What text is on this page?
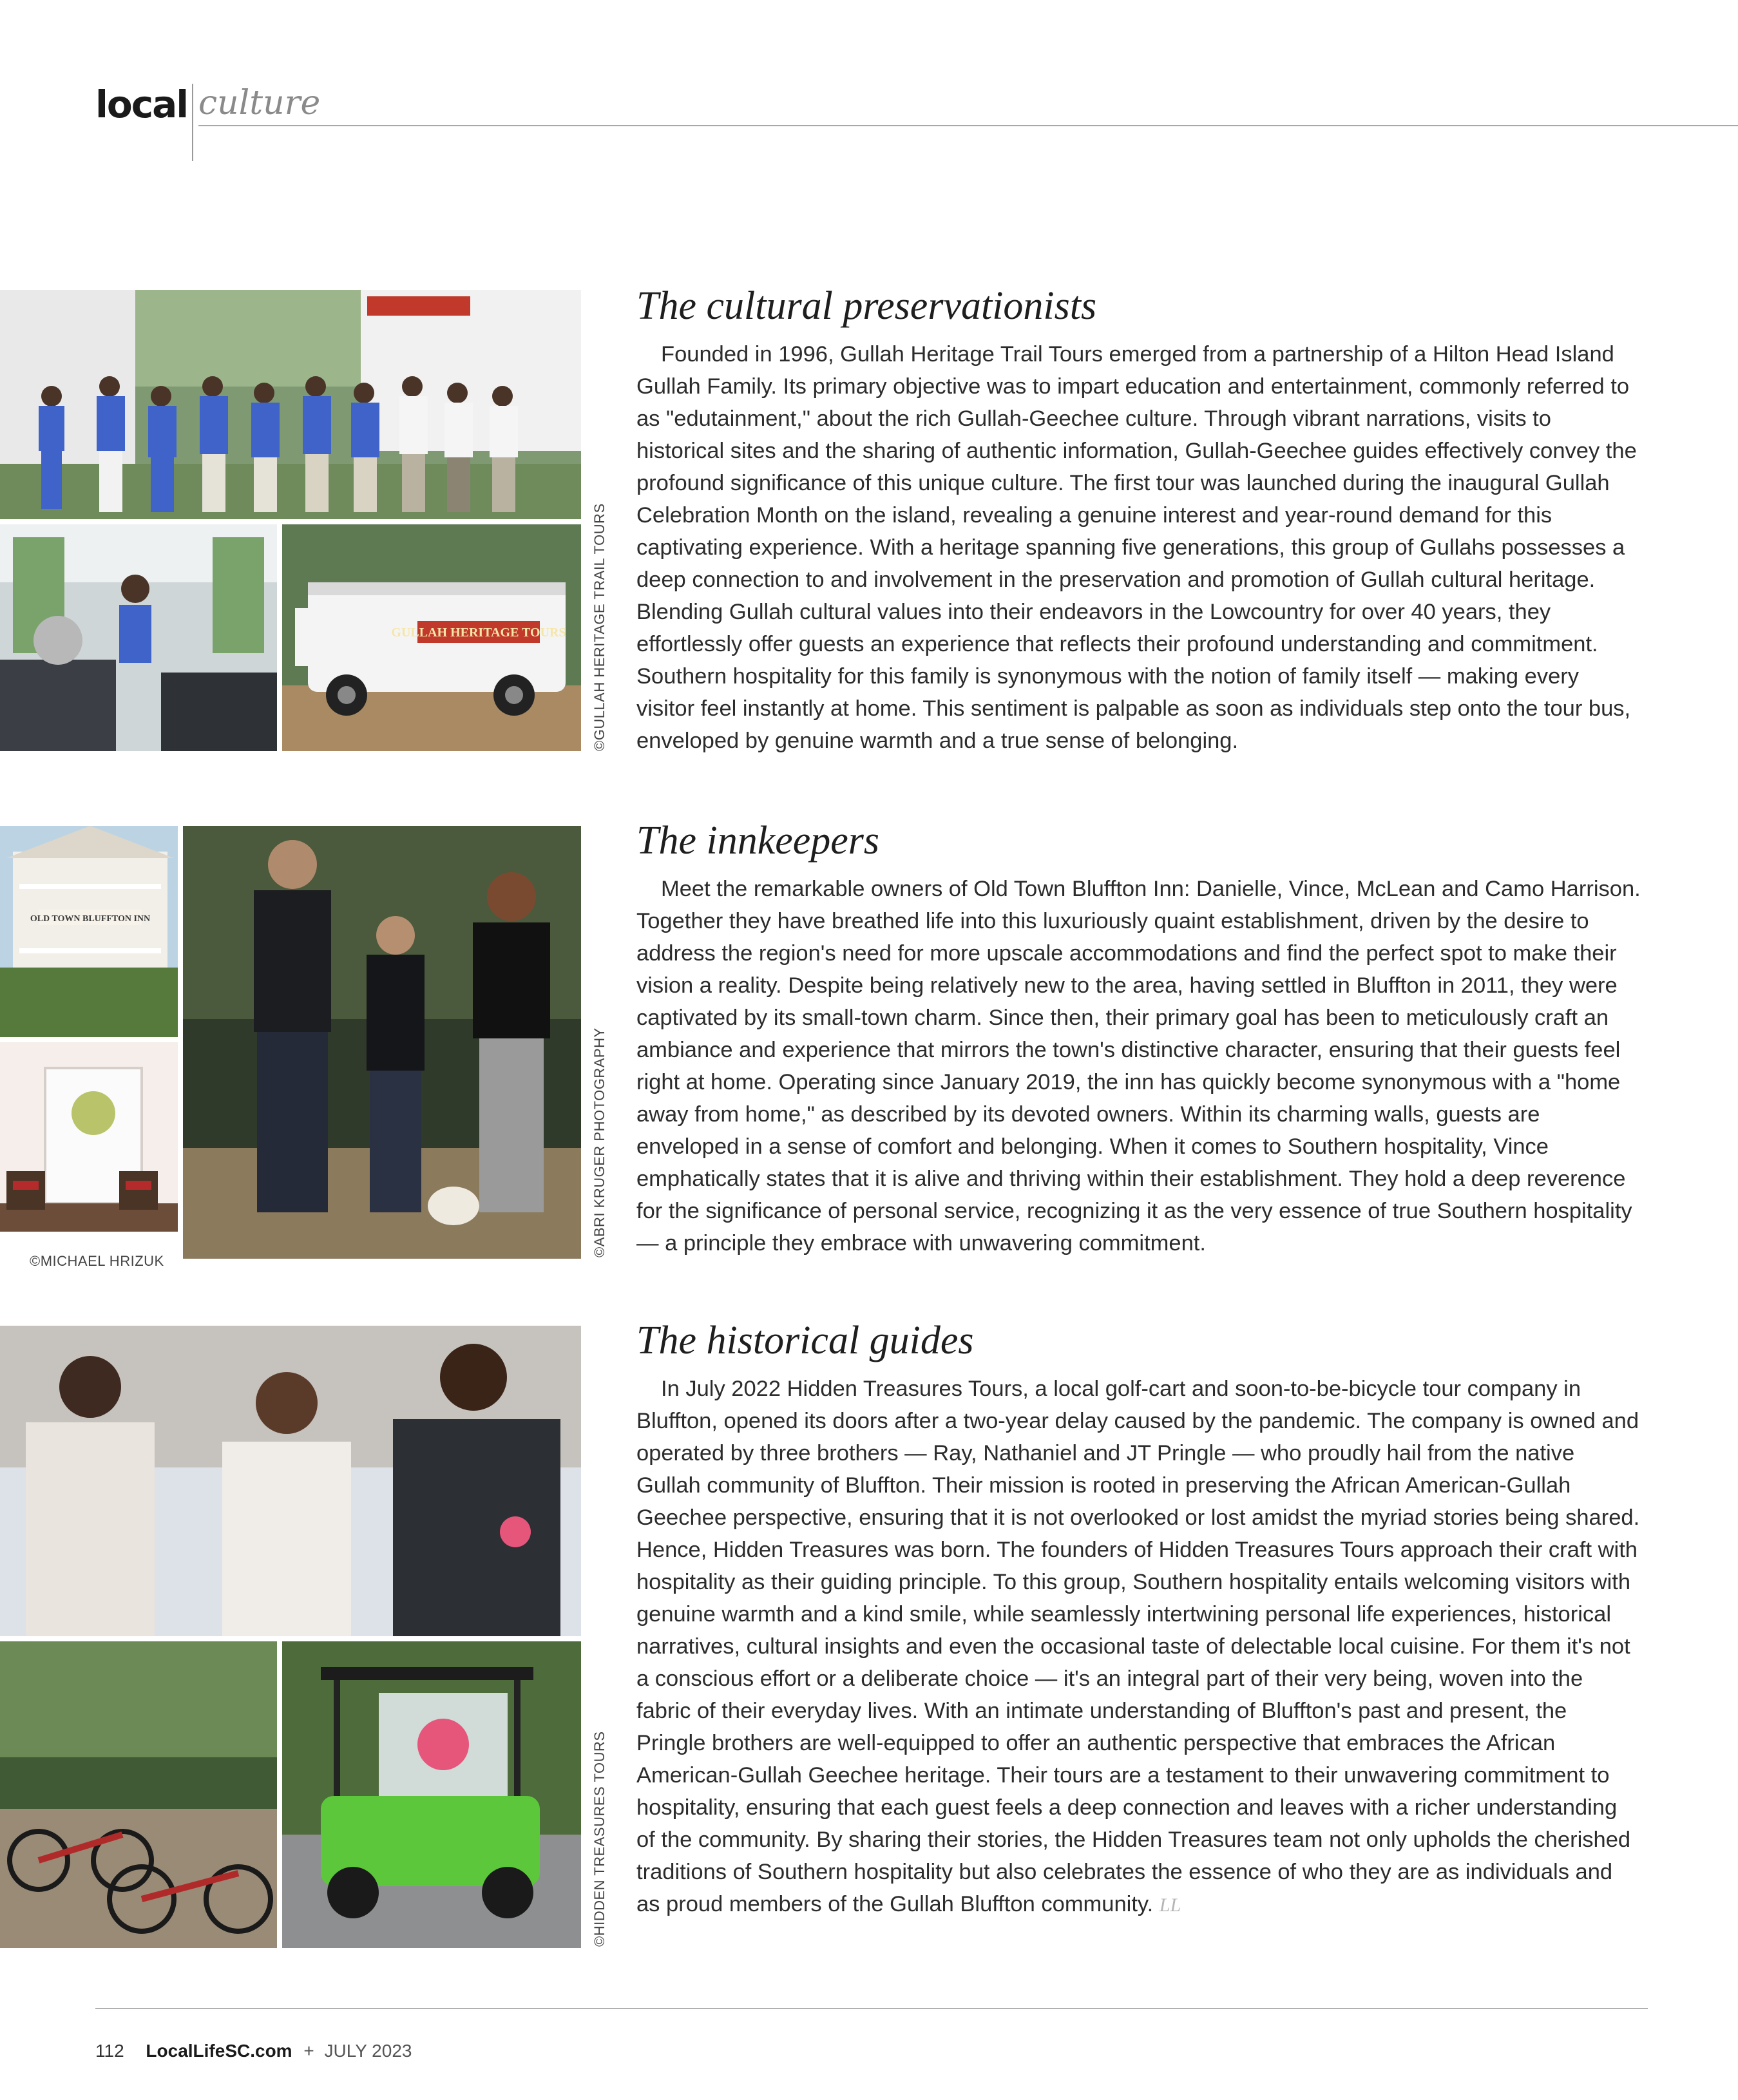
local culture
GULLAH HERITAGE TOURS ©GULLAH HERITAGE TRAIL TOURS
The cultural preservationists

Founded in 1996, Gullah Heritage Trail Tours emerged from a partnership of a Hilton Head Island Gullah Family. Its primary objective was to impart education and entertainment, commonly referred to as "edutainment," about the rich Gullah-Geechee culture. Through vibrant narrations, visits to historical sites and the sharing of authentic information, Gullah-Geechee guides effectively convey the profound significance of this unique culture. The first tour was launched during the inaugural Gullah Celebration Month on the island, revealing a genuine interest and year-round demand for this captivating experience. With a heritage spanning five generations, this group of Gullahs possesses a deep connection to and involvement in the preservation and promotion of Gullah cultural heritage. Blending Gullah cultural values into their endeavors in the Lowcountry for over 40 years, they effortlessly offer guests an experience that reflects their profound understanding and commitment. Southern hospitality for this family is synonymous with the notion of family itself — making every visitor feel instantly at home. This sentiment is palpable as soon as individuals step onto the tour bus, enveloped by genuine warmth and a true sense of belonging.

OLD TOWN BLUFFTON INN
©MICHAEL HRIZUK
©ABRI KRUGER PHOTOGRAPHY
The innkeepers

Meet the remarkable owners of Old Town Bluffton Inn: Danielle, Vince, McLean and Camo Harrison. Together they have breathed life into this luxuriously quaint establishment, driven by the desire to address the region's need for more upscale accommodations and find the perfect spot to make their vision a reality. Despite being relatively new to the area, having settled in Bluffton in 2011, they were captivated by its small-town charm. Since then, their primary goal has been to meticulously craft an ambiance and experience that mirrors the town's distinctive character, ensuring that their guests feel right at home. Operating since January 2019, the inn has quickly become synonymous with a "home away from home," as described by its devoted owners. Within its charming walls, guests are enveloped in a sense of comfort and belonging. When it comes to Southern hospitality, Vince emphatically states that it is alive and thriving within their establishment. They hold a deep reverence for the significance of personal service, recognizing it as the very essence of true Southern hospitality — a principle they embrace with unwavering commitment.

©HIDDEN TREASURES TOURS
The historical guides

In July 2022 Hidden Treasures Tours, a local golf-cart and soon-to-be-bicycle tour company in Bluffton, opened its doors after a two-year delay caused by the pandemic. The company is owned and operated by three brothers — Ray, Nathaniel and JT Pringle — who proudly hail from the native Gullah community of Bluffton. Their mission is rooted in preserving the African American-Gullah Geechee perspective, ensuring that it is not overlooked or lost amidst the myriad stories being shared. Hence, Hidden Treasures was born. The founders of Hidden Treasures Tours approach their craft with hospitality as their guiding principle. To this group, Southern hospitality entails welcoming visitors with genuine warmth and a kind smile, while seamlessly intertwining personal life experiences, historical narratives, cultural insights and even the occasional taste of delectable local cuisine. For them it's not a conscious effort or a deliberate choice — it's an integral part of their very being, woven into the fabric of their everyday lives. With an intimate understanding of Bluffton's past and present, the Pringle brothers are well-equipped to offer an authentic perspective that embraces the African American-Gullah Geechee heritage. Their tours are a testament to their unwavering commitment to hospitality, ensuring that each guest feels a deep connection and leaves with a richer understanding of the community. By sharing their stories, the Hidden Treasures team not only upholds the cherished traditions of Southern hospitality but also celebrates the essence of who they are as individuals and as proud members of the Gullah Bluffton community. LL

112 LocalLifeSC.com + JULY 2023
